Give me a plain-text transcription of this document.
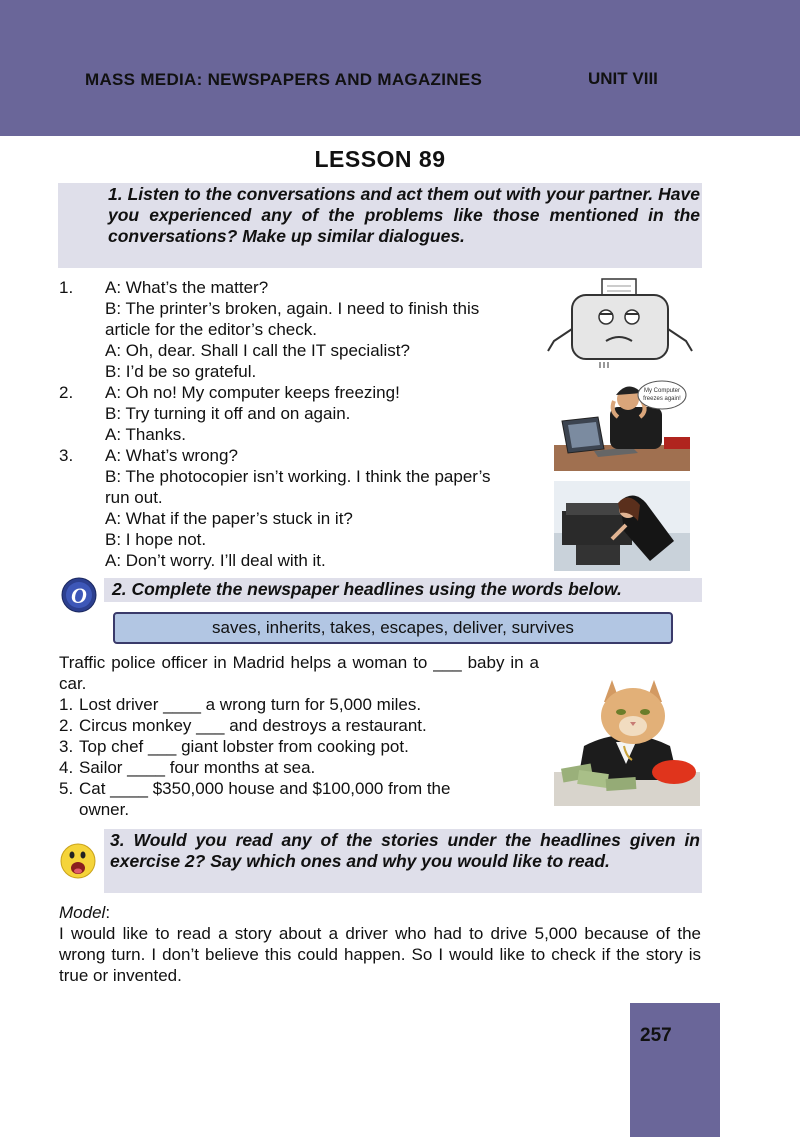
MASS MEDIA: NEWSPAPERS AND MAGAZINES	UNIT VIII
LESSON 89
1. Listen to the conversations and act them out with your partner. Have you experienced any of the problems like those mentioned in the conversations? Make up similar dialogues.
1. A: What’s the matter?
B: The printer’s broken, again. I need to finish this article for the editor’s check.
A: Oh, dear. Shall I call the IT specialist?
B: I’d be so grateful.
2. A: Oh no! My computer keeps freezing!
B: Try turning it off and on again.
A: Thanks.
3. A: What’s wrong?
B: The photocopier isn’t working. I think the paper’s run out.
A: What if the paper’s stuck in it?
B: I hope not.
A: Don’t worry. I’ll deal with it.
My Computer
freezes again!
O	2. Complete the newspaper headlines using the words below.
saves, inherits, takes, escapes, deliver, survives
Traffic police officer in Madrid helps a woman to ___ baby in a car.
1. Lost driver ____ a wrong turn for 5,000 miles.
2. Circus monkey ___ and destroys a restaurant.
3. Top chef ___ giant lobster from cooking pot.
4. Sailor ____ four months at sea.
5. Cat ____ $350,000 house and $100,000 from the owner.
3. Would you read any of the stories under the headlines given in exercise 2? Say which ones and why you would like to read.
Model:
I would like to read a story about a driver who had to drive 5,000 because of the wrong turn. I don’t believe this could happen. So I would like to check if the story is true or invented.
257
